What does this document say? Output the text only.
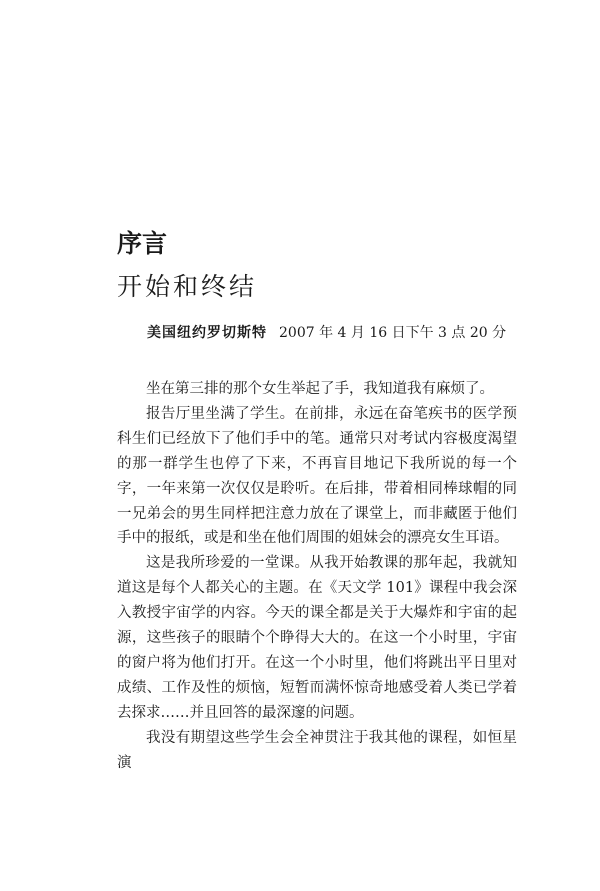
序言
开始和终结

美国纽约罗切斯特 2007 年 4 月 16 日下午 3 点 20 分

坐在第三排的那个女生举起了手，我知道我有麻烦了。

报告厅里坐满了学生。在前排，永远在奋笔疾书的医学预科生们已经放下了他们手中的笔。通常只对考试内容极度渴望的那一群学生也停了下来，不再盲目地记下我所说的每一个字，一年来第一次仅仅是聆听。在后排，带着相同棒球帽的同一兄弟会的男生同样把注意力放在了课堂上，而非藏匿于他们手中的报纸，或是和坐在他们周围的姐妹会的漂亮女生耳语。

这是我所珍爱的一堂课。从我开始教课的那年起，我就知道这是每个人都关心的主题。在《天文学 101》课程中我会深入教授宇宙学的内容。今天的课全都是关于大爆炸和宇宙的起源，这些孩子的眼睛个个睁得大大的。在这一个小时里，宇宙的窗户将为他们打开。在这一个小时里，他们将跳出平日里对成绩、工作及性的烦恼，短暂而满怀惊奇地感受着人类已学着去探求……并且回答的最深邃的问题。

我没有期望这些学生会全神贯注于我其他的课程，如恒星演
